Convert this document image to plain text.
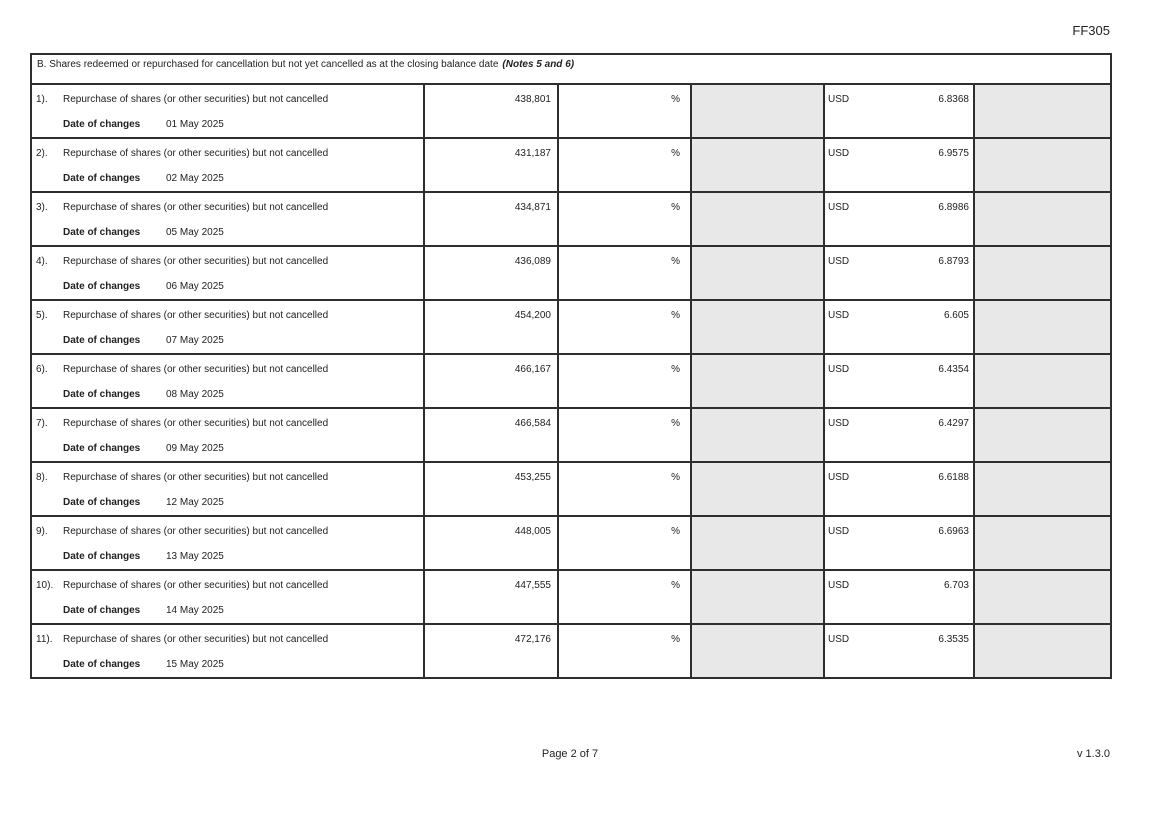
FF305
B. Shares redeemed or repurchased for cancellation but not yet cancelled as at the closing balance date (Notes 5 and 6)					

1).	Repurchase of shares (or other securities) but not cancelled
Date of changes	01 May 2025
	438,801	%		USD	6.8368

2).	Repurchase of shares (or other securities) but not cancelled
Date of changes	02 May 2025
	431,187	%		USD	6.9575

3).	Repurchase of shares (or other securities) but not cancelled
Date of changes	05 May 2025
	434,871	%		USD	6.8986

4).	Repurchase of shares (or other securities) but not cancelled
Date of changes	06 May 2025
	436,089	%		USD	6.8793

5).	Repurchase of shares (or other securities) but not cancelled
Date of changes	07 May 2025
	454,200	%		USD	6.605

6).	Repurchase of shares (or other securities) but not cancelled
Date of changes	08 May 2025
	466,167	%		USD	6.4354

7).	Repurchase of shares (or other securities) but not cancelled
Date of changes	09 May 2025
	466,584	%		USD	6.4297

8).	Repurchase of shares (or other securities) but not cancelled
Date of changes	12 May 2025
	453,255	%		USD	6.6188

9).	Repurchase of shares (or other securities) but not cancelled
Date of changes	13 May 2025
	448,005	%		USD	6.6963

10). Repurchase of shares (or other securities) but not cancelled
Date of changes	14 May 2025
	447,555	%		USD	6.703

11).	Repurchase of shares (or other securities) but not cancelled
Date of changes	15 May 2025
	472,176	%		USD	6.3535

Page 2 of 7	v 1.3.0
